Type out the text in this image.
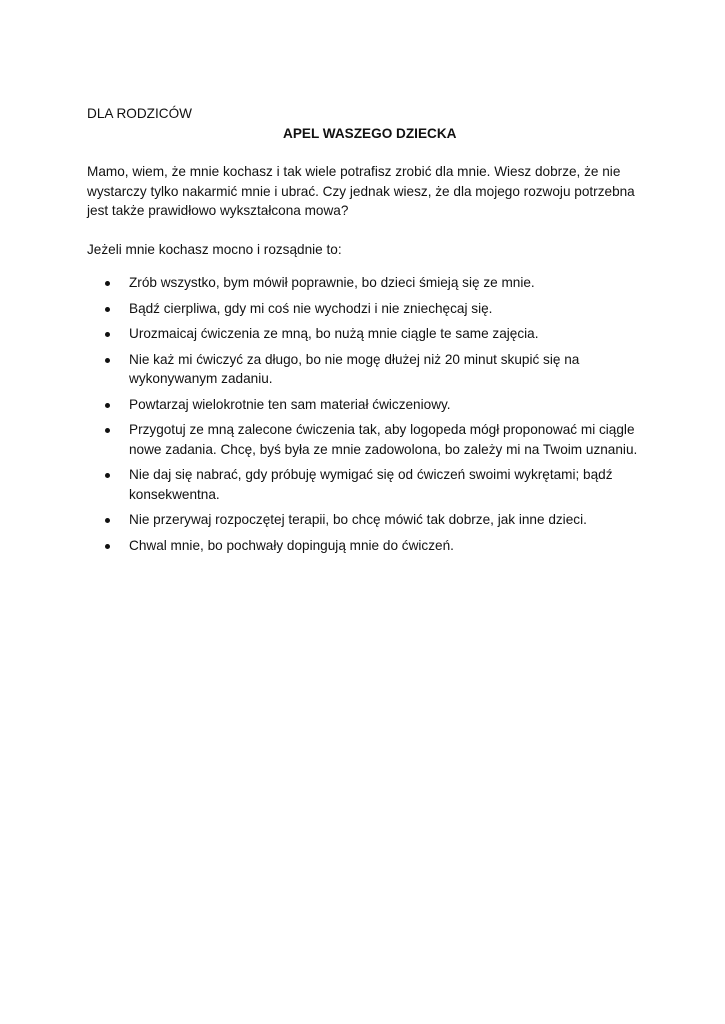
DLA RODZICÓW

APEL WASZEGO DZIECKA

Mamo, wiem, że mnie kochasz i tak wiele potrafisz zrobić dla mnie. Wiesz dobrze, że nie
wystarczy tylko nakarmić mnie i ubrać. Czy jednak wiesz, że dla mojego rozwoju potrzebna
jest także prawidłowo wykształcona mowa?

Jeżeli mnie kochasz mocno i rozsądnie to:

Zrób wszystko, bym mówił poprawnie, bo dzieci śmieją się ze mnie.
Bądź cierpliwa, gdy mi coś nie wychodzi i nie zniechęcaj się.
Urozmaicaj ćwiczenia ze mną, bo nużą mnie ciągle te same zajęcia.
Nie każ mi ćwiczyć za długo, bo nie mogę dłużej niż 20 minut skupić się na wykonywanym zadaniu.
Powtarzaj wielokrotnie ten sam materiał ćwiczeniowy.
Przygotuj ze mną zalecone ćwiczenia tak, aby logopeda mógł proponować mi ciągle nowe zadania. Chcę, byś była ze mnie zadowolona, bo zależy mi na Twoim uznaniu.
Nie daj się nabrać, gdy próbuję wymigać się od ćwiczeń swoimi wykrętami; bądź konsekwentna.
Nie przerywaj rozpoczętej terapii, bo chcę mówić tak dobrze, jak inne dzieci.
Chwal mnie, bo pochwały dopingują mnie do ćwiczeń.
